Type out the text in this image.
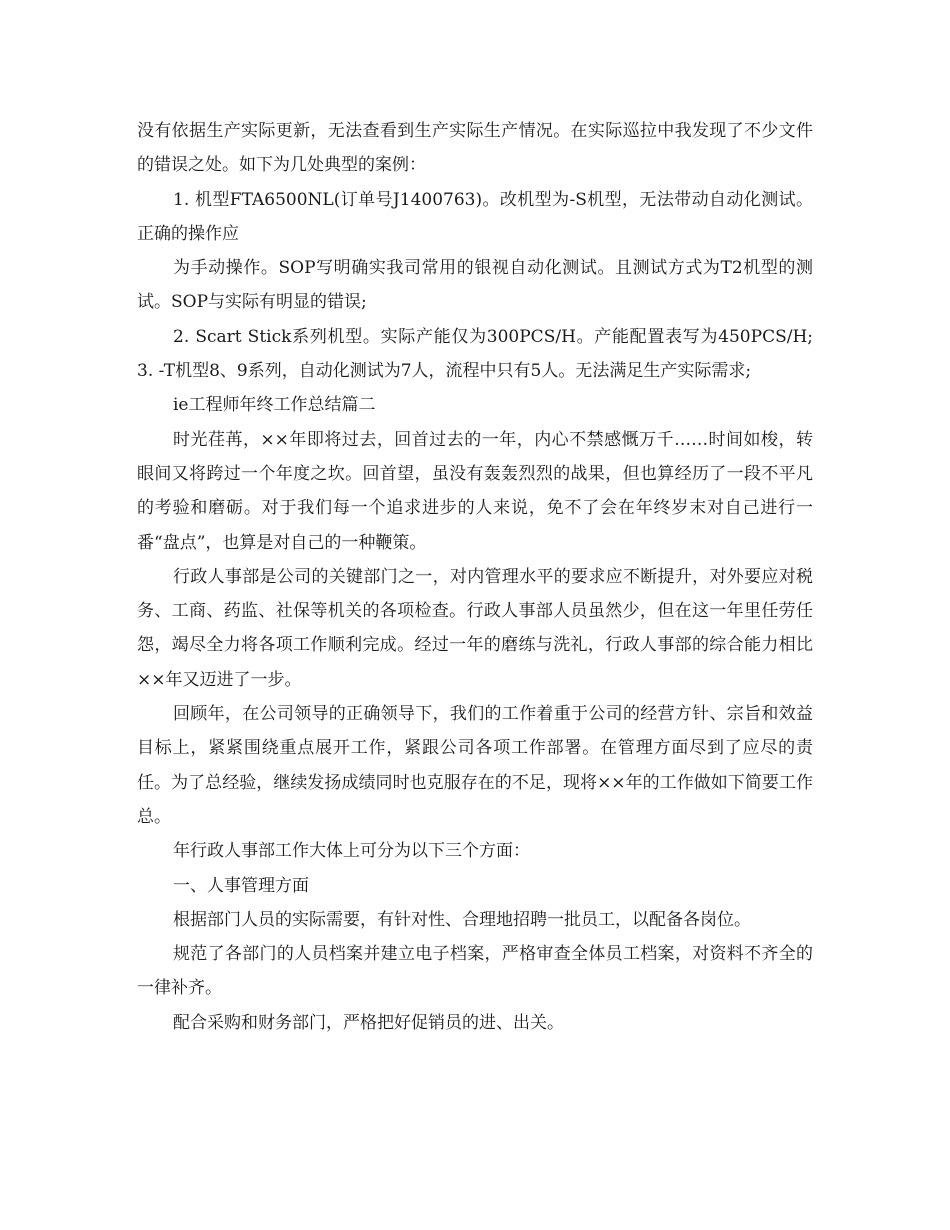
没有依据生产实际更新，无法查看到生产实际生产情况。在实际巡拉中我发现了不少文件的错误之处。如下为几处典型的案例：

1. 机型FTA6500NL(订单号J1400763)。改机型为-S机型，无法带动自动化测试。正确的操作应

为手动操作。SOP写明确实我司常用的银视自动化测试。且测试方式为T2机型的测试。SOP与实际有明显的错误;

2. Scart Stick系列机型。实际产能仅为300PCS/H。产能配置表写为450PCS/H; 3. -T机型8、9系列，自动化测试为7人，流程中只有5人。无法满足生产实际需求;

ie工程师年终工作总结篇二

时光荏苒，××年即将过去，回首过去的一年，内心不禁感慨万千……时间如梭，转眼间又将跨过一个年度之坎。回首望，虽没有轰轰烈烈的战果，但也算经历了一段不平凡的考验和磨砺。对于我们每一个追求进步的人来说，免不了会在年终岁末对自己进行一番“盘点”，也算是对自己的一种鞭策。

行政人事部是公司的关键部门之一，对内管理水平的要求应不断提升，对外要应对税务、工商、药监、社保等机关的各项检查。行政人事部人员虽然少，但在这一年里任劳任怨，竭尽全力将各项工作顺利完成。经过一年的磨练与洗礼，行政人事部的综合能力相比××年又迈进了一步。

回顾年，在公司领导的正确领导下，我们的工作着重于公司的经营方针、宗旨和效益目标上，紧紧围绕重点展开工作，紧跟公司各项工作部署。在管理方面尽到了应尽的责任。为了总经验，继续发扬成绩同时也克服存在的不足，现将××年的工作做如下简要工作总。

年行政人事部工作大体上可分为以下三个方面：

一、人事管理方面

根据部门人员的实际需要，有针对性、合理地招聘一批员工，以配备各岗位。

规范了各部门的人员档案并建立电子档案，严格审查全体员工档案，对资料不齐全的一律补齐。

配合采购和财务部门，严格把好促销员的进、出关。
